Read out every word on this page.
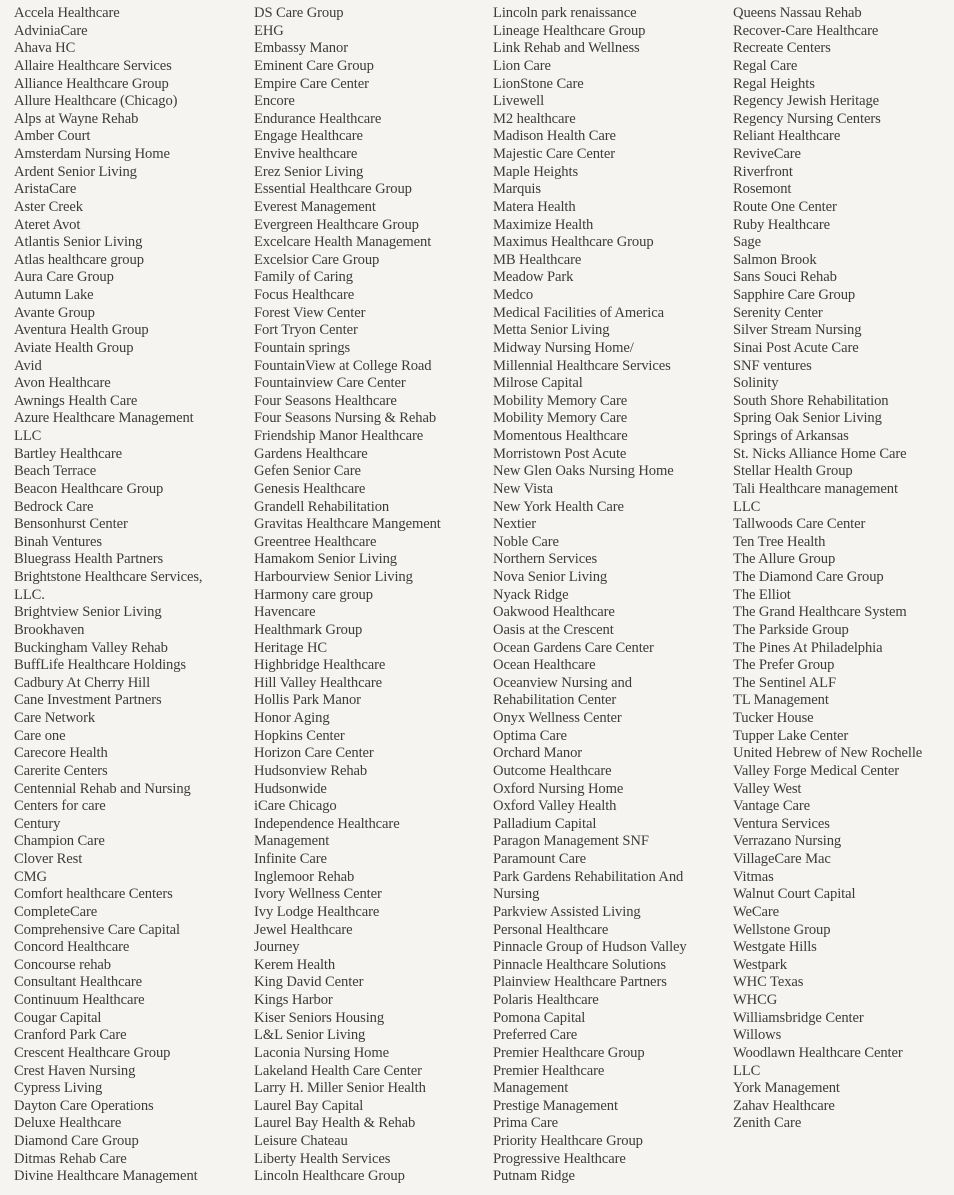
Accela Healthcare
AdviniaCare
Ahava HC
Allaire Healthcare Services
Alliance Healthcare Group
Allure Healthcare (Chicago)
Alps at Wayne Rehab
Amber Court
Amsterdam Nursing Home
Ardent Senior Living
AristaCare
Aster Creek
Ateret Avot
Atlantis Senior Living
Atlas healthcare group
Aura Care Group
Autumn Lake
Avante Group
Aventura Health Group
Aviate Health Group
Avid
Avon Healthcare
Awnings Health Care
Azure Healthcare Management
LLC
Bartley Healthcare
Beach Terrace
Beacon Healthcare Group
Bedrock Care
Bensonhurst Center
Binah Ventures
Bluegrass Health Partners
Brightstone Healthcare Services,
LLC.
Brightview Senior Living
Brookhaven
Buckingham Valley Rehab
BuffLife Healthcare Holdings
Cadbury At Cherry Hill
Cane Investment Partners
Care Network
Care one
Carecore Health
Carerite Centers
Centennial Rehab and Nursing
Centers for care
Century
Champion Care
Clover Rest
CMG
Comfort healthcare Centers
CompleteCare
Comprehensive Care Capital
Concord Healthcare
Concourse rehab
Consultant Healthcare
Continuum Healthcare
Cougar Capital
Cranford Park Care
Crescent Healthcare Group
Crest Haven Nursing
Cypress Living
Dayton Care Operations
Deluxe Healthcare
Diamond Care Group
Ditmas Rehab Care
Divine Healthcare Management
DS Care Group
EHG
Embassy Manor
Eminent Care Group
Empire Care Center
Encore
Endurance Healthcare
Engage Healthcare
Envive healthcare
Erez Senior Living
Essential Healthcare Group
Everest Management
Evergreen Healthcare Group
Excelcare Health Management
Excelsior Care Group
Family of Caring
Focus Healthcare
Forest View Center
Fort Tryon Center
Fountain springs
FountainView at College Road
Fountainview Care Center
Four Seasons Healthcare
Four Seasons Nursing & Rehab
Friendship Manor Healthcare
Gardens Healthcare
Gefen Senior Care
Genesis Healthcare
Grandell Rehabilitation
Gravitas Healthcare Mangement
Greentree Healthcare
Hamakom Senior Living
Harbourview Senior Living
Harmony care group
Havencare
Healthmark Group
Heritage HC
Highbridge Healthcare
Hill Valley Healthcare
Hollis Park Manor
Honor Aging
Hopkins Center
Horizon Care Center
Hudsonview Rehab
Hudsonwide
iCare Chicago
Independence Healthcare
Management
Infinite Care
Inglemoor Rehab
Ivory Wellness Center
Ivy Lodge Healthcare
Jewel Healthcare
Journey
Kerem Health
King David Center
Kings Harbor
Kiser Seniors Housing
L&L Senior Living
Laconia Nursing Home
Lakeland Health Care Center
Larry H. Miller Senior Health
Laurel Bay Capital
Laurel Bay Health & Rehab
Leisure Chateau
Liberty Health Services
Lincoln Healthcare Group
Lincoln park renaissance
Lineage Healthcare Group
Link Rehab and Wellness
Lion Care
LionStone Care
Livewell
M2 healthcare
Madison Health Care
Majestic Care Center
Maple Heights
Marquis
Matera Health
Maximize Health
Maximus Healthcare Group
MB Healthcare
Meadow Park
Medco
Medical Facilities of America
Metta Senior Living
Midway Nursing Home/
Millennial Healthcare Services
Milrose Capital
Mobility Memory Care
Mobility Memory Care
Momentous Healthcare
Morristown Post Acute
New Glen Oaks Nursing Home
New Vista
New York Health Care
Nextier
Noble Care
Northern Services
Nova Senior Living
Nyack Ridge
Oakwood Healthcare
Oasis at the Crescent
Ocean Gardens Care Center
Ocean Healthcare
Oceanview Nursing and
Rehabilitation Center
Onyx Wellness Center
Optima Care
Orchard Manor
Outcome Healthcare
Oxford Nursing Home
Oxford Valley Health
Palladium Capital
Paragon Management SNF
Paramount Care
Park Gardens Rehabilitation And
Nursing
Parkview Assisted Living
Personal Healthcare
Pinnacle Group of Hudson Valley
Pinnacle Healthcare Solutions
Plainview Healthcare Partners
Polaris Healthcare
Pomona Capital
Preferred Care
Premier Healthcare Group
Premier Healthcare
Management
Prestige Management
Prima Care
Priority Healthcare Group
Progressive Healthcare
Putnam Ridge
Queens Nassau Rehab
Recover-Care Healthcare
Recreate Centers
Regal Care
Regal Heights
Regency Jewish Heritage
Regency Nursing Centers
Reliant Healthcare
ReviveCare
Riverfront
Rosemont
Route One Center
Ruby Healthcare
Sage
Salmon Brook
Sans Souci Rehab
Sapphire Care Group
Serenity Center
Silver Stream Nursing
Sinai Post Acute Care
SNF ventures
Solinity
South Shore Rehabilitation
Spring Oak Senior Living
Springs of Arkansas
St. Nicks Alliance Home Care
Stellar Health Group
Tali Healthcare management
LLC
Tallwoods Care Center
Ten Tree Health
The Allure Group
The Diamond Care Group
The Elliot
The Grand Healthcare System
The Parkside Group
The Pines At Philadelphia
The Prefer Group
The Sentinel ALF
TL Management
Tucker House
Tupper Lake Center
United Hebrew of New Rochelle
Valley Forge Medical Center
Valley West
Vantage Care
Ventura Services
Verrazano Nursing
VillageCare Mac
Vitmas
Walnut Court Capital
WeCare
Wellstone Group
Westgate Hills
Westpark
WHC Texas
WHCG
Williamsbridge Center
Willows
Woodlawn Healthcare Center
LLC
York Management
Zahav Healthcare
Zenith Care
